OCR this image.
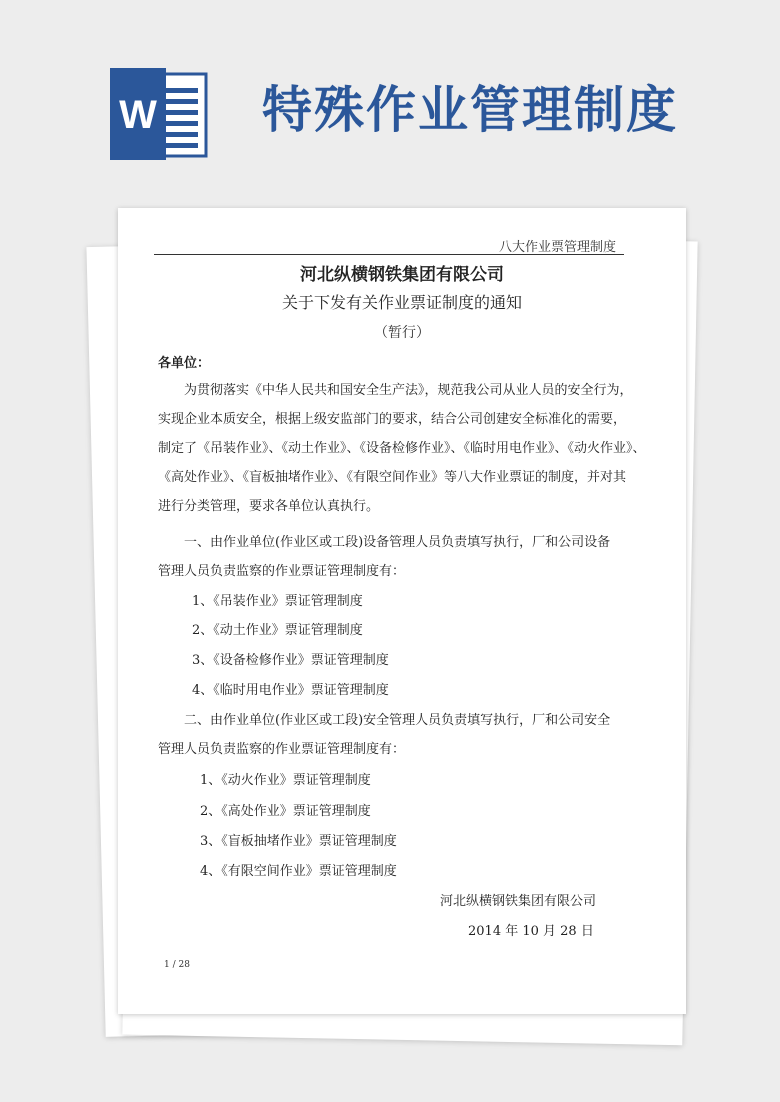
W 特殊作业管理制度
八大作业票管理制度
河北纵横钢铁集团有限公司
关于下发有关作业票证制度的通知
（暂行）
各单位：
为贯彻落实《中华人民共和国安全生产法》，规范我公司从业人员的安全行为，
实现企业本质安全，根据上级安监部门的要求，结合公司创建安全标准化的需要，
制定了《吊装作业》、《动土作业》、《设备检修作业》、《临时用电作业》、《动火作业》、
《高处作业》、《盲板抽堵作业》、《有限空间作业》等八大作业票证的制度，并对其
进行分类管理，要求各单位认真执行。
一、由作业单位(作业区或工段)设备管理人员负责填写执行，厂和公司设备
管理人员负责监察的作业票证管理制度有：
1、《吊装作业》票证管理制度
2、《动土作业》票证管理制度
3、《设备检修作业》票证管理制度
4、《临时用电作业》票证管理制度
二、由作业单位(作业区或工段)安全管理人员负责填写执行，厂和公司安全
管理人员负责监察的作业票证管理制度有：
1、《动火作业》票证管理制度
2、《高处作业》票证管理制度
3、《盲板抽堵作业》票证管理制度
4、《有限空间作业》票证管理制度
河北纵横钢铁集团有限公司
2014 年 10 月 28 日
1 / 28
